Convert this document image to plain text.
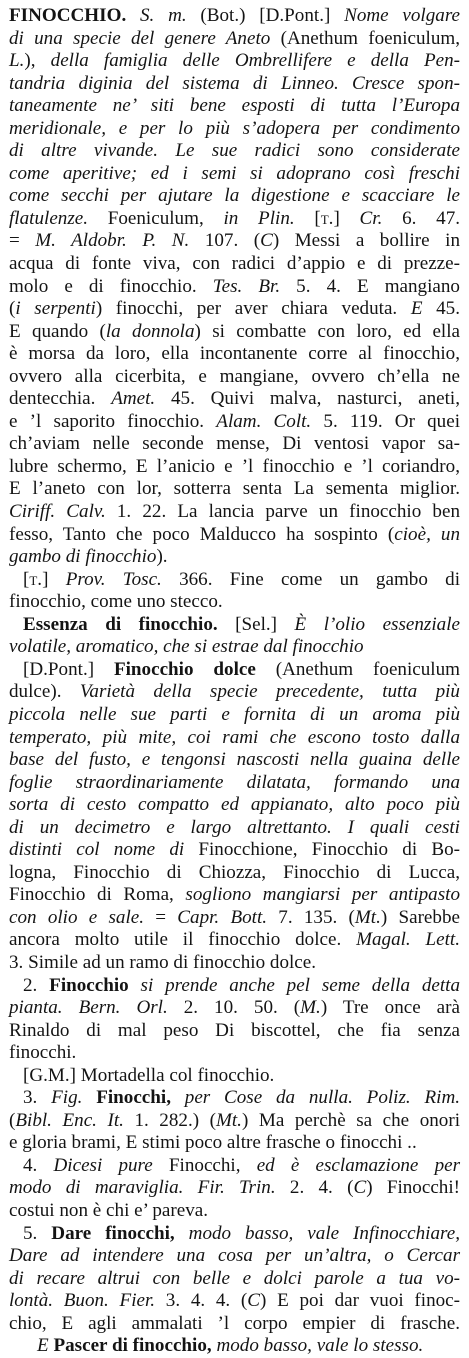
FINOCCHIO. S. m. (Bot.) [D.Pont.] Nome volgare
di una specie del genere Aneto (Anethum foeniculum,
L.), della famiglia delle Ombrellifere e della Pen-
tandria diginia del sistema di Linneo. Cresce spon-
taneamente ne’ siti bene esposti di tutta l’Europa
meridionale, e per lo più s’adopera per condimento
di altre vivande. Le sue radici sono considerate
come aperitive; ed i semi si adoprano così freschi
come secchi per ajutare la digestione e scacciare le
flatulenze. Foeniculum, in Plin. [t.] Cr. 6. 47.
= M. Aldobr. P. N. 107. (C) Messi a bollire in
acqua di fonte viva, con radici d’appio e di prezze-
molo e di finocchio. Tes. Br. 5. 4. E mangiano
(i serpenti) finocchi, per aver chiara veduta. E 45.
E quando (la donnola) si combatte con loro, ed ella
è morsa da loro, ella incontanente corre al finocchio,
ovvero alla cicerbita, e mangiane, ovvero ch’ella ne
dentecchia. Amet. 45. Quivi malva, nasturci, aneti,
e ’l saporito finocchio. Alam. Colt. 5. 119. Or quei
ch’aviam nelle seconde mense, Di ventosi vapor sa-
lubre schermo, E l’anicio e ’l finocchio e ’l coriandro,
E l’aneto con lor, sotterra senta La sementa miglior.
Ciriff. Calv. 1. 22. La lancia parve un finocchio ben
fesso, Tanto che poco Malducco ha sospinto (cioè, un
gambo di finocchio).
[t.] Prov. Tosc. 366. Fine come un gambo di
finocchio, come uno stecco.
Essenza di finocchio. [Sel.] È l’olio essenziale
volatile, aromatico, che si estrae dal finocchio
[D.Pont.] Finocchio dolce (Anethum foeniculum
dulce). Varietà della specie precedente, tutta più
piccola nelle sue parti e fornita di un aroma più
temperato, più mite, coi rami che escono tosto dalla
base del fusto, e tengonsi nascosti nella guaina delle
foglie straordinariamente dilatata, formando una
sorta di cesto compatto ed appianato, alto poco più
di un decimetro e largo altrettanto. I quali cesti
distinti col nome di Finocchione, Finocchio di Bo-
logna, Finocchio di Chiozza, Finocchio di Lucca,
Finocchio di Roma, sogliono mangiarsi per antipasto
con olio e sale. = Capr. Bott. 7. 135. (Mt.) Sarebbe
ancora molto utile il finocchio dolce. Magal. Lett.
3. Simile ad un ramo di finocchio dolce.
2. Finocchio si prende anche pel seme della detta
pianta. Bern. Orl. 2. 10. 50. (M.) Tre once arà
Rinaldo di mal peso Di biscottel, che fia senza
finocchi.
[G.M.] Mortadella col finocchio.
3. Fig. Finocchi, per Cose da nulla. Poliz. Rim.
(Bibl. Enc. It. 1. 282.) (Mt.) Ma perchè sa che onori
e gloria brami, E stimi poco altre frasche o finocchi ..
4. Dicesi pure Finocchi, ed è esclamazione per
modo di maraviglia. Fir. Trin. 2. 4. (C) Finocchi!
costui non è chi e’ pareva.
5. Dare finocchi, modo basso, vale Infinocchiare,
Dare ad intendere una cosa per un’altra, o Cercar
di recare altrui con belle e dolci parole a tua vo-
lontà. Buon. Fier. 3. 4. 4. (C) E poi dar vuoi finoc-
chio, E agli ammalati ’l corpo empier di frasche.
E Pascer di finocchio, modo basso, vale lo stesso.
